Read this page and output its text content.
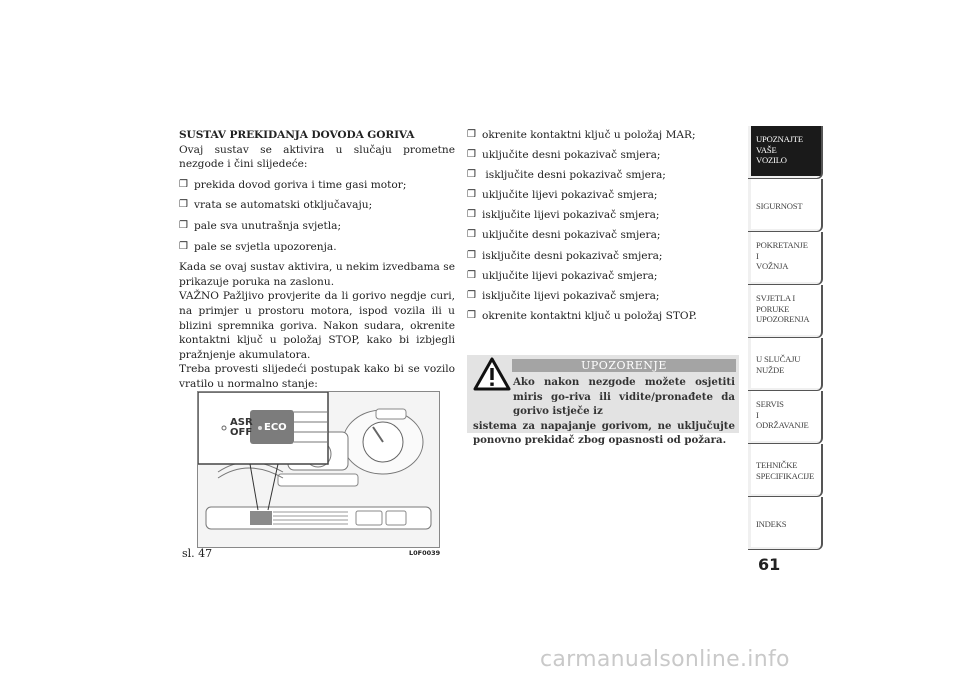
SUSTAV PREKIDANJA DOVODA GORIVA

Ovaj sustav se aktivira u slučaju prometne nezgode i čini slijedeće:

❒ prekida dovod goriva i time gasi motor;
❒ vrata se automatski otključavaju;
❒ pale sva unutrašnja svjetla;
❒ pale se svjetla upozorenja.

Kada se ovaj sustav aktivira, u nekim izvedbama se prikazuje poruka na zaslonu.

VAŽNO Pažljivo provjerite da li gorivo negdje curi, na primjer u prostoru motora, ispod vozila ili u blizini spremnika goriva. Nakon sudara, okrenite kontaktni ključ u položaj STOP, kako bi izbjegli pražnjenje akumulatora.

Treba provesti slijedeći postupak kako bi se vozilo vratilo u normalno stanje:

ASR
OFF ECO
sl. 47	L0F0039
❒ okrenite kontaktni ključ u položaj MAR;
❒ uključite desni pokazivač smjera;
❒ isključite desni pokazivač smjera;
❒ uključite lijevi pokazivač smjera;
❒ isključite lijevi pokazivač smjera;
❒ uključite desni pokazivač smjera;
❒ isključite desni pokazivač smjera;
❒ uključite lijevi pokazivač smjera;
❒ isključite lijevi pokazivač smjera;
❒ okrenite kontaktni ključ u položaj STOP.
UPOZORENJE
Ako nakon nezgode možete osjetiti miris go-riva ili vidite/pronađete da gorivo istječe iz
sistema za napajanje gorivom, ne uključujte ponovno prekidač zbog opasnosti od požara.
UPOZNAJTE
VAŠE
VOZILO
SIGURNOST
POKRETANJE
I
VOŽNJA
SVJETLA I
PORUKE
UPOZORENJA
U SLUČAJU
NUŽDE
SERVIS
I
ODRŽAVANJE
TEHNIČKE
SPECIFIKACIJE
INDEKS
61
carmanualsonline.info
